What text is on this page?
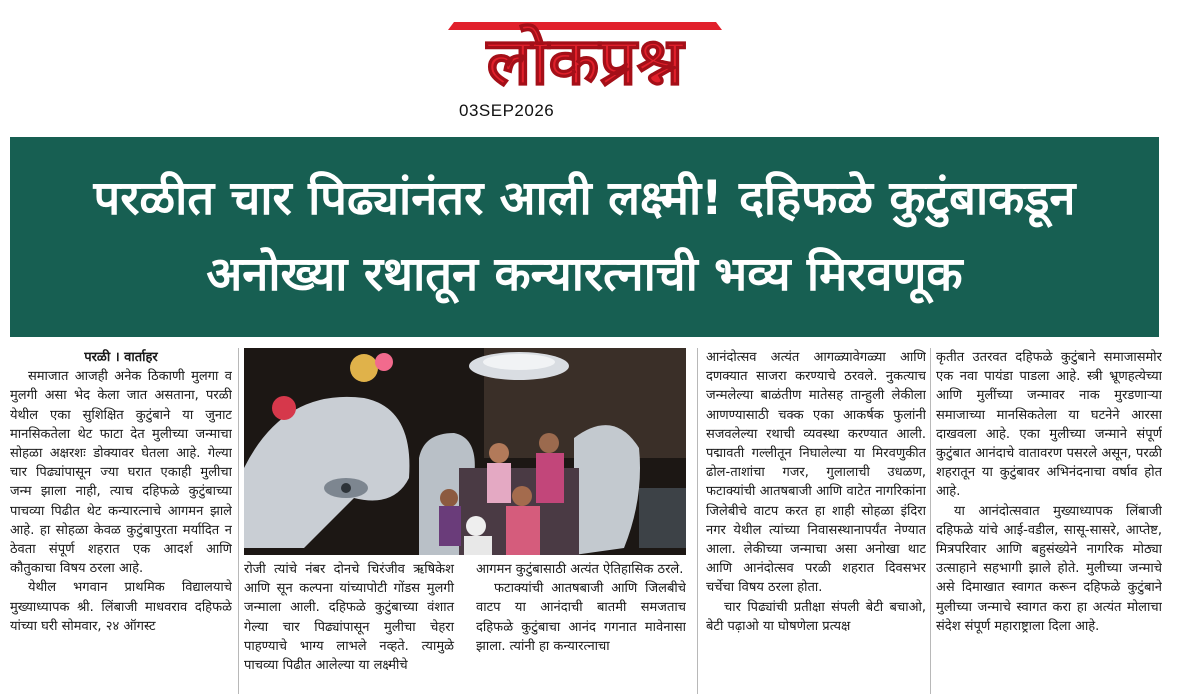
लोकप्रश्न
03SEP2026
परळीत चार पिढ्यांनंतर आली लक्ष्मी! दहिफळे कुटुंबाकडून
अनोख्या रथातून कन्यारत्नाची भव्य मिरवणूक

परळी । वार्ताहर

समाजात आजही अनेक ठिकाणी मुलगा व मुलगी असा भेद केला जात असताना, परळी येथील एका सुशिक्षित कुटुंबाने या जुनाट मानसिकतेला थेट फाटा देत मुलीच्या जन्माचा सोहळा अक्षरशः डोक्यावर घेतला आहे. गेल्या चार पिढ्यांपासून ज्या घरात एकाही मुलीचा जन्म झाला नाही, त्याच दहिफळे कुटुंबाच्या पाचव्या पिढीत थेट कन्यारत्नाचे आगमन झाले आहे. हा सोहळा केवळ कुटुंबापुरता मर्यादित न ठेवता संपूर्ण शहरात एक आदर्श आणि कौतुकाचा विषय ठरला आहे.

येथील भगवान प्राथमिक विद्यालयाचे मुख्याध्यापक श्री. लिंबाजी माधवराव दहिफळे यांच्या घरी सोमवार, २४ ऑगस्ट

रोजी त्यांचे नंबर दोनचे चिरंजीव ऋषिकेश आणि सून कल्पना यांच्यापोटी गोंडस मुलगी जन्माला आली. दहिफळे कुटुंबाच्या वंशात गेल्या चार पिढ्यांपासून मुलीचा चेहरा पाहण्याचे भाग्य लाभले नव्हते. त्यामुळे पाचव्या पिढीत आलेल्या या लक्ष्मीचे

आगमन कुटुंबासाठी अत्यंत ऐतिहासिक ठरले.

फटाक्यांची आतषबाजी आणि जिलबीचे वाटप या आनंदाची बातमी समजताच दहिफळे कुटुंबाचा आनंद गगनात मावेनासा झाला. त्यांनी हा कन्यारत्नाचा

आनंदोत्सव अत्यंत आगळ्यावेगळ्या आणि दणक्यात साजरा करण्याचे ठरवले. नुकत्याच जन्मलेल्या बाळंतीण मातेसह तान्हुली लेकीला आणण्यासाठी चक्क एका आकर्षक फुलांनी सजवलेल्या रथाची व्यवस्था करण्यात आली. पद्मावती गल्लीतून निघालेल्या या मिरवणुकीत ढोल-ताशांचा गजर, गुलालाची उधळण, फटाक्यांची आतषबाजी आणि वाटेत नागरिकांना जिलेबीचे वाटप करत हा शाही सोहळा इंदिरा नगर येथील त्यांच्या निवासस्थानापर्यंत नेण्यात आला. लेकीच्या जन्माचा असा अनोखा थाट आणि आनंदोत्सव परळी शहरात दिवसभर चर्चेचा विषय ठरला होता.

चार पिढ्यांची प्रतीक्षा संपली बेटी बचाओ, बेटी पढ़ाओ या घोषणेला प्रत्यक्ष

कृतीत उतरवत दहिफळे कुटुंबाने समाजासमोर एक नवा पायंडा पाडला आहे. स्त्री भ्रूणहत्येच्या आणि मुलींच्या जन्मावर नाक मुरडणाऱ्या समाजाच्या मानसिकतेला या घटनेने आरसा दाखवला आहे. एका मुलीच्या जन्माने संपूर्ण कुटुंबात आनंदाचे वातावरण पसरले असून, परळी शहरातून या कुटुंबावर अभिनंदनाचा वर्षाव होत आहे.

या आनंदोत्सवात मुख्याध्यापक लिंबाजी दहिफळे यांचे आई-वडील, सासू-सासरे, आप्तेष्ट, मित्रपरिवार आणि बहुसंख्येने नागरिक मोठ्या उत्साहाने सहभागी झाले होते. मुलीच्या जन्माचे असे दिमाखात स्वागत करून दहिफळे कुटुंबाने मुलीच्या जन्माचे स्वागत करा हा अत्यंत मोलाचा संदेश संपूर्ण महाराष्ट्राला दिला आहे.
